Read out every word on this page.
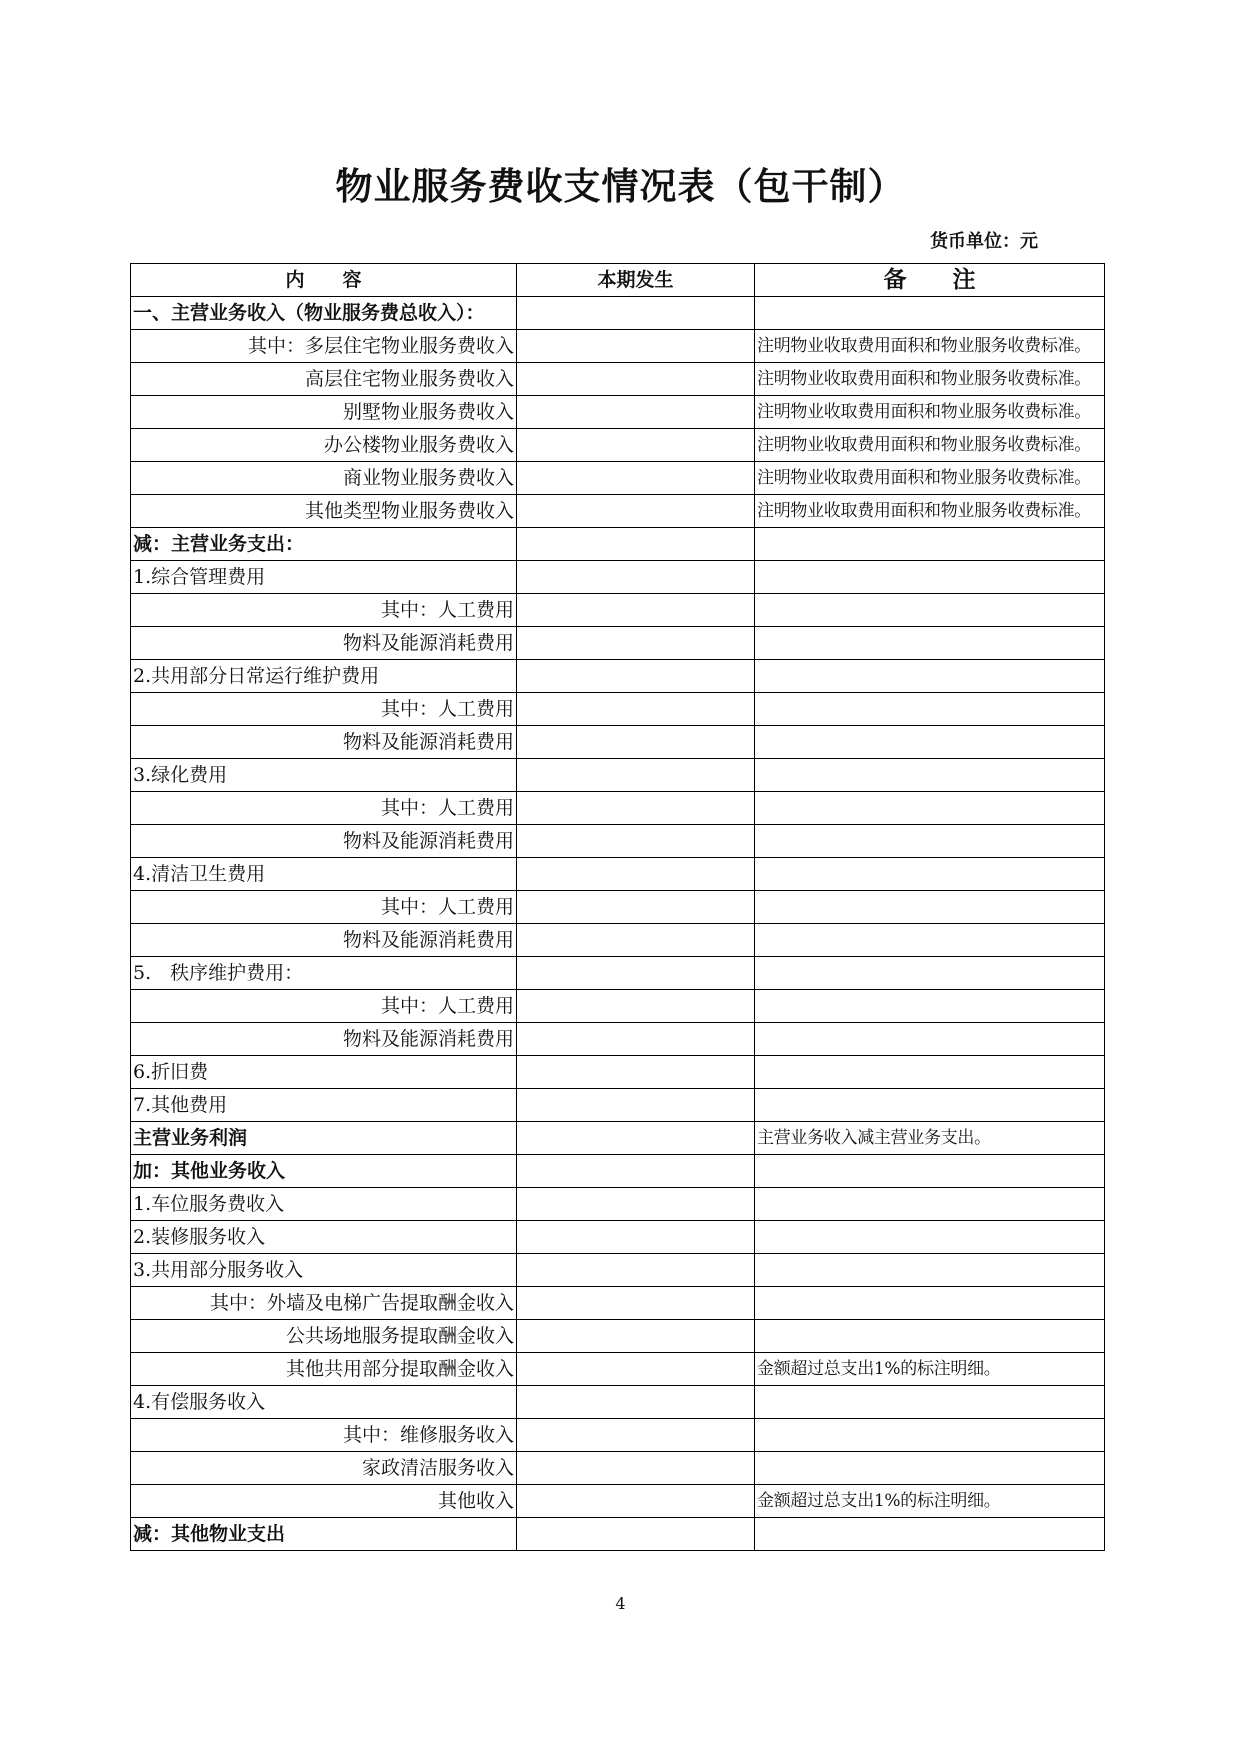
物业服务费收支情况表（包干制）
货币单位：元
内　　容	本期发生	备　　注
一、主营业务收入（物业服务费总收入）：		
其中：多层住宅物业服务费收入		注明物业收取费用面积和物业服务收费标准。
高层住宅物业服务费收入		注明物业收取费用面积和物业服务收费标准。
别墅物业服务费收入		注明物业收取费用面积和物业服务收费标准。
办公楼物业服务费收入		注明物业收取费用面积和物业服务收费标准。
商业物业服务费收入		注明物业收取费用面积和物业服务收费标准。
其他类型物业服务费收入		注明物业收取费用面积和物业服务收费标准。
减：主营业务支出：		
1.综合管理费用		
其中：人工费用		
物料及能源消耗费用		
2.共用部分日常运行维护费用		
其中：人工费用		
物料及能源消耗费用		
3.绿化费用		
其中：人工费用		
物料及能源消耗费用		
4.清洁卫生费用		
其中：人工费用		
物料及能源消耗费用		
5.　秩序维护费用：		
其中：人工费用		
物料及能源消耗费用		
6.折旧费		
7.其他费用		
主营业务利润		主营业务收入减主营业务支出。
加：其他业务收入		
1.车位服务费收入		
2.装修服务收入		
3.共用部分服务收入		
其中：外墙及电梯广告提取酬金收入		
公共场地服务提取酬金收入		
其他共用部分提取酬金收入		金额超过总支出1%的标注明细。
4.有偿服务收入		
其中：维修服务收入		
家政清洁服务收入		
其他收入		金额超过总支出1%的标注明细。
减：其他物业支出		
4
